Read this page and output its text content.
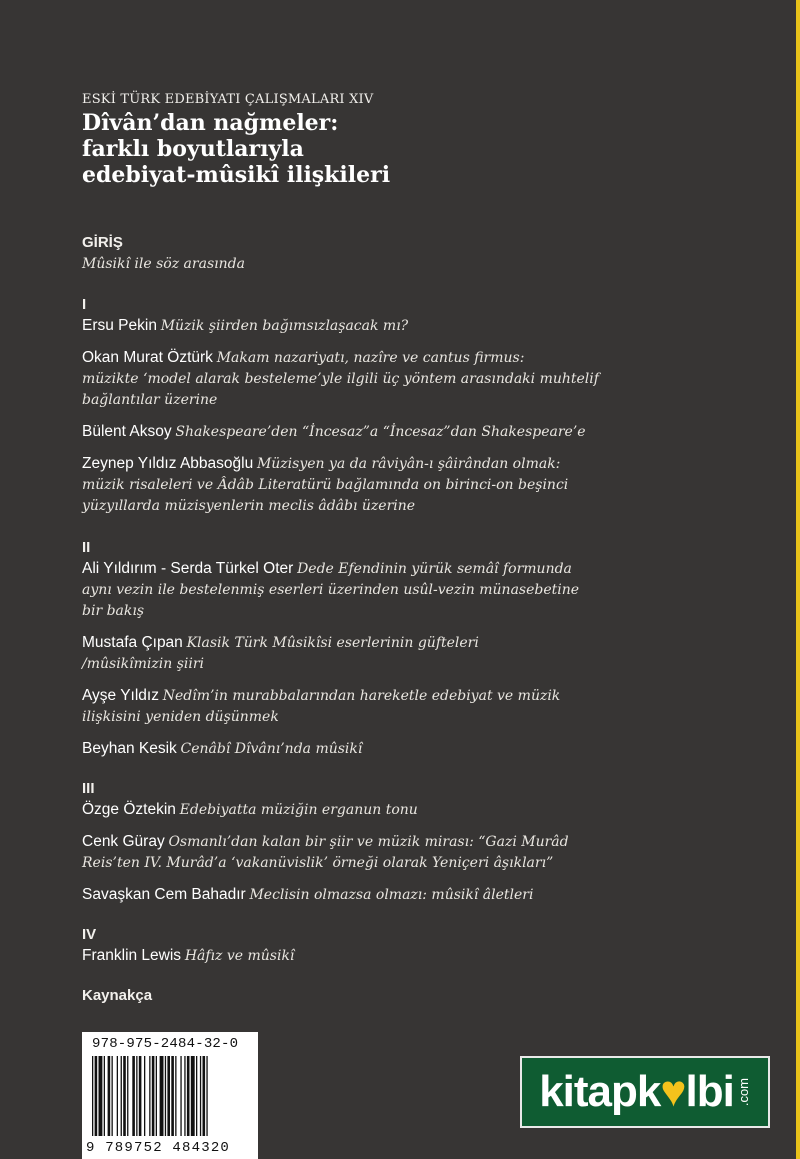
ESKİ TÜRK EDEBİYATI ÇALIŞMALARI XIV

Dîvân’dan nağmeler:
farklı boyutlarıyla
edebiyat-mûsikî ilişkileri

GİRİŞ

Mûsikî ile söz arasında

I

Ersu Pekin Müzik şiirden bağımsızlaşacak mı?

Okan Murat Öztürk Makam nazariyatı, nazîre ve cantus firmus:
müzikte ‘model alarak besteleme’yle ilgili üç yöntem arasındaki muhtelif
bağlantılar üzerine

Bülent Aksoy Shakespeare’den “İncesaz”a “İncesaz”dan Shakespeare’e

Zeynep Yıldız Abbasoğlu Müzisyen ya da râviyân-ı şâirândan olmak:
müzik risaleleri ve Âdâb Literatürü bağlamında on birinci-on beşinci
yüzyıllarda müzisyenlerin meclis âdâbı üzerine

II

Ali Yıldırım - Serda Türkel Oter Dede Efendinin yürük semâî formunda
aynı vezin ile bestelenmiş eserleri üzerinden usûl-vezin münasebetine
bir bakış

Mustafa Çıpan Klasik Türk Mûsikîsi eserlerinin güfteleri
/mûsikîmizin şiiri

Ayşe Yıldız Nedîm’in murabbalarından hareketle edebiyat ve müzik
ilişkisini yeniden düşünmek

Beyhan Kesik Cenâbî Dîvânı’nda mûsikî

III

Özge Öztekin Edebiyatta müziğin erganun tonu

Cenk Güray Osmanlı’dan kalan bir şiir ve müzik mirası: “Gazi Murâd
Reis’ten IV. Murâd’a ‘vakanüvislik’ örneği olarak Yeniçeri âşıkları”

Savaşkan Cem Bahadır Meclisin olmazsa olmazı: mûsikî âletleri

IV

Franklin Lewis Hâfız ve mûsikî

Kaynakça

978-975-2484-32-0
9 789752 484320
kitapk♥lbi .com
